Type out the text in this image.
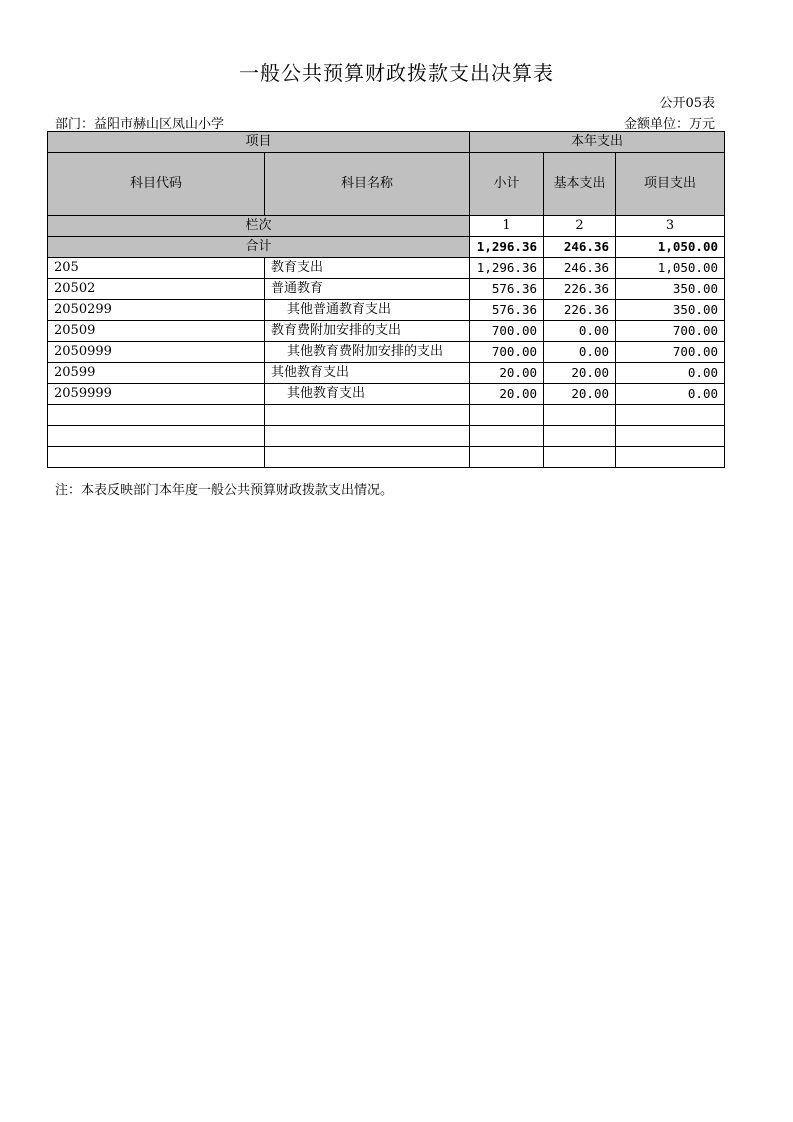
一般公共预算财政拨款支出决算表
公开05表
部门：益阳市赫山区凤山小学	金额单位：万元
项目		本年支出		
科目代码	科目名称	小计	基本支出	项目支出
栏次		1	2	3
合计		1,296.36	246.36	1,050.00
205	教育支出	1,296.36	246.36	1,050.00
20502	普通教育	576.36	226.36	350.00
2050299	其他普通教育支出	576.36	226.36	350.00
20509	教育费附加安排的支出	700.00	0.00	700.00
2050999	其他教育费附加安排的支出	700.00	0.00	700.00
20599	其他教育支出	20.00	20.00	0.00
2059999	其他教育支出	20.00	20.00	0.00

注：本表反映部门本年度一般公共预算财政拨款支出情况。
